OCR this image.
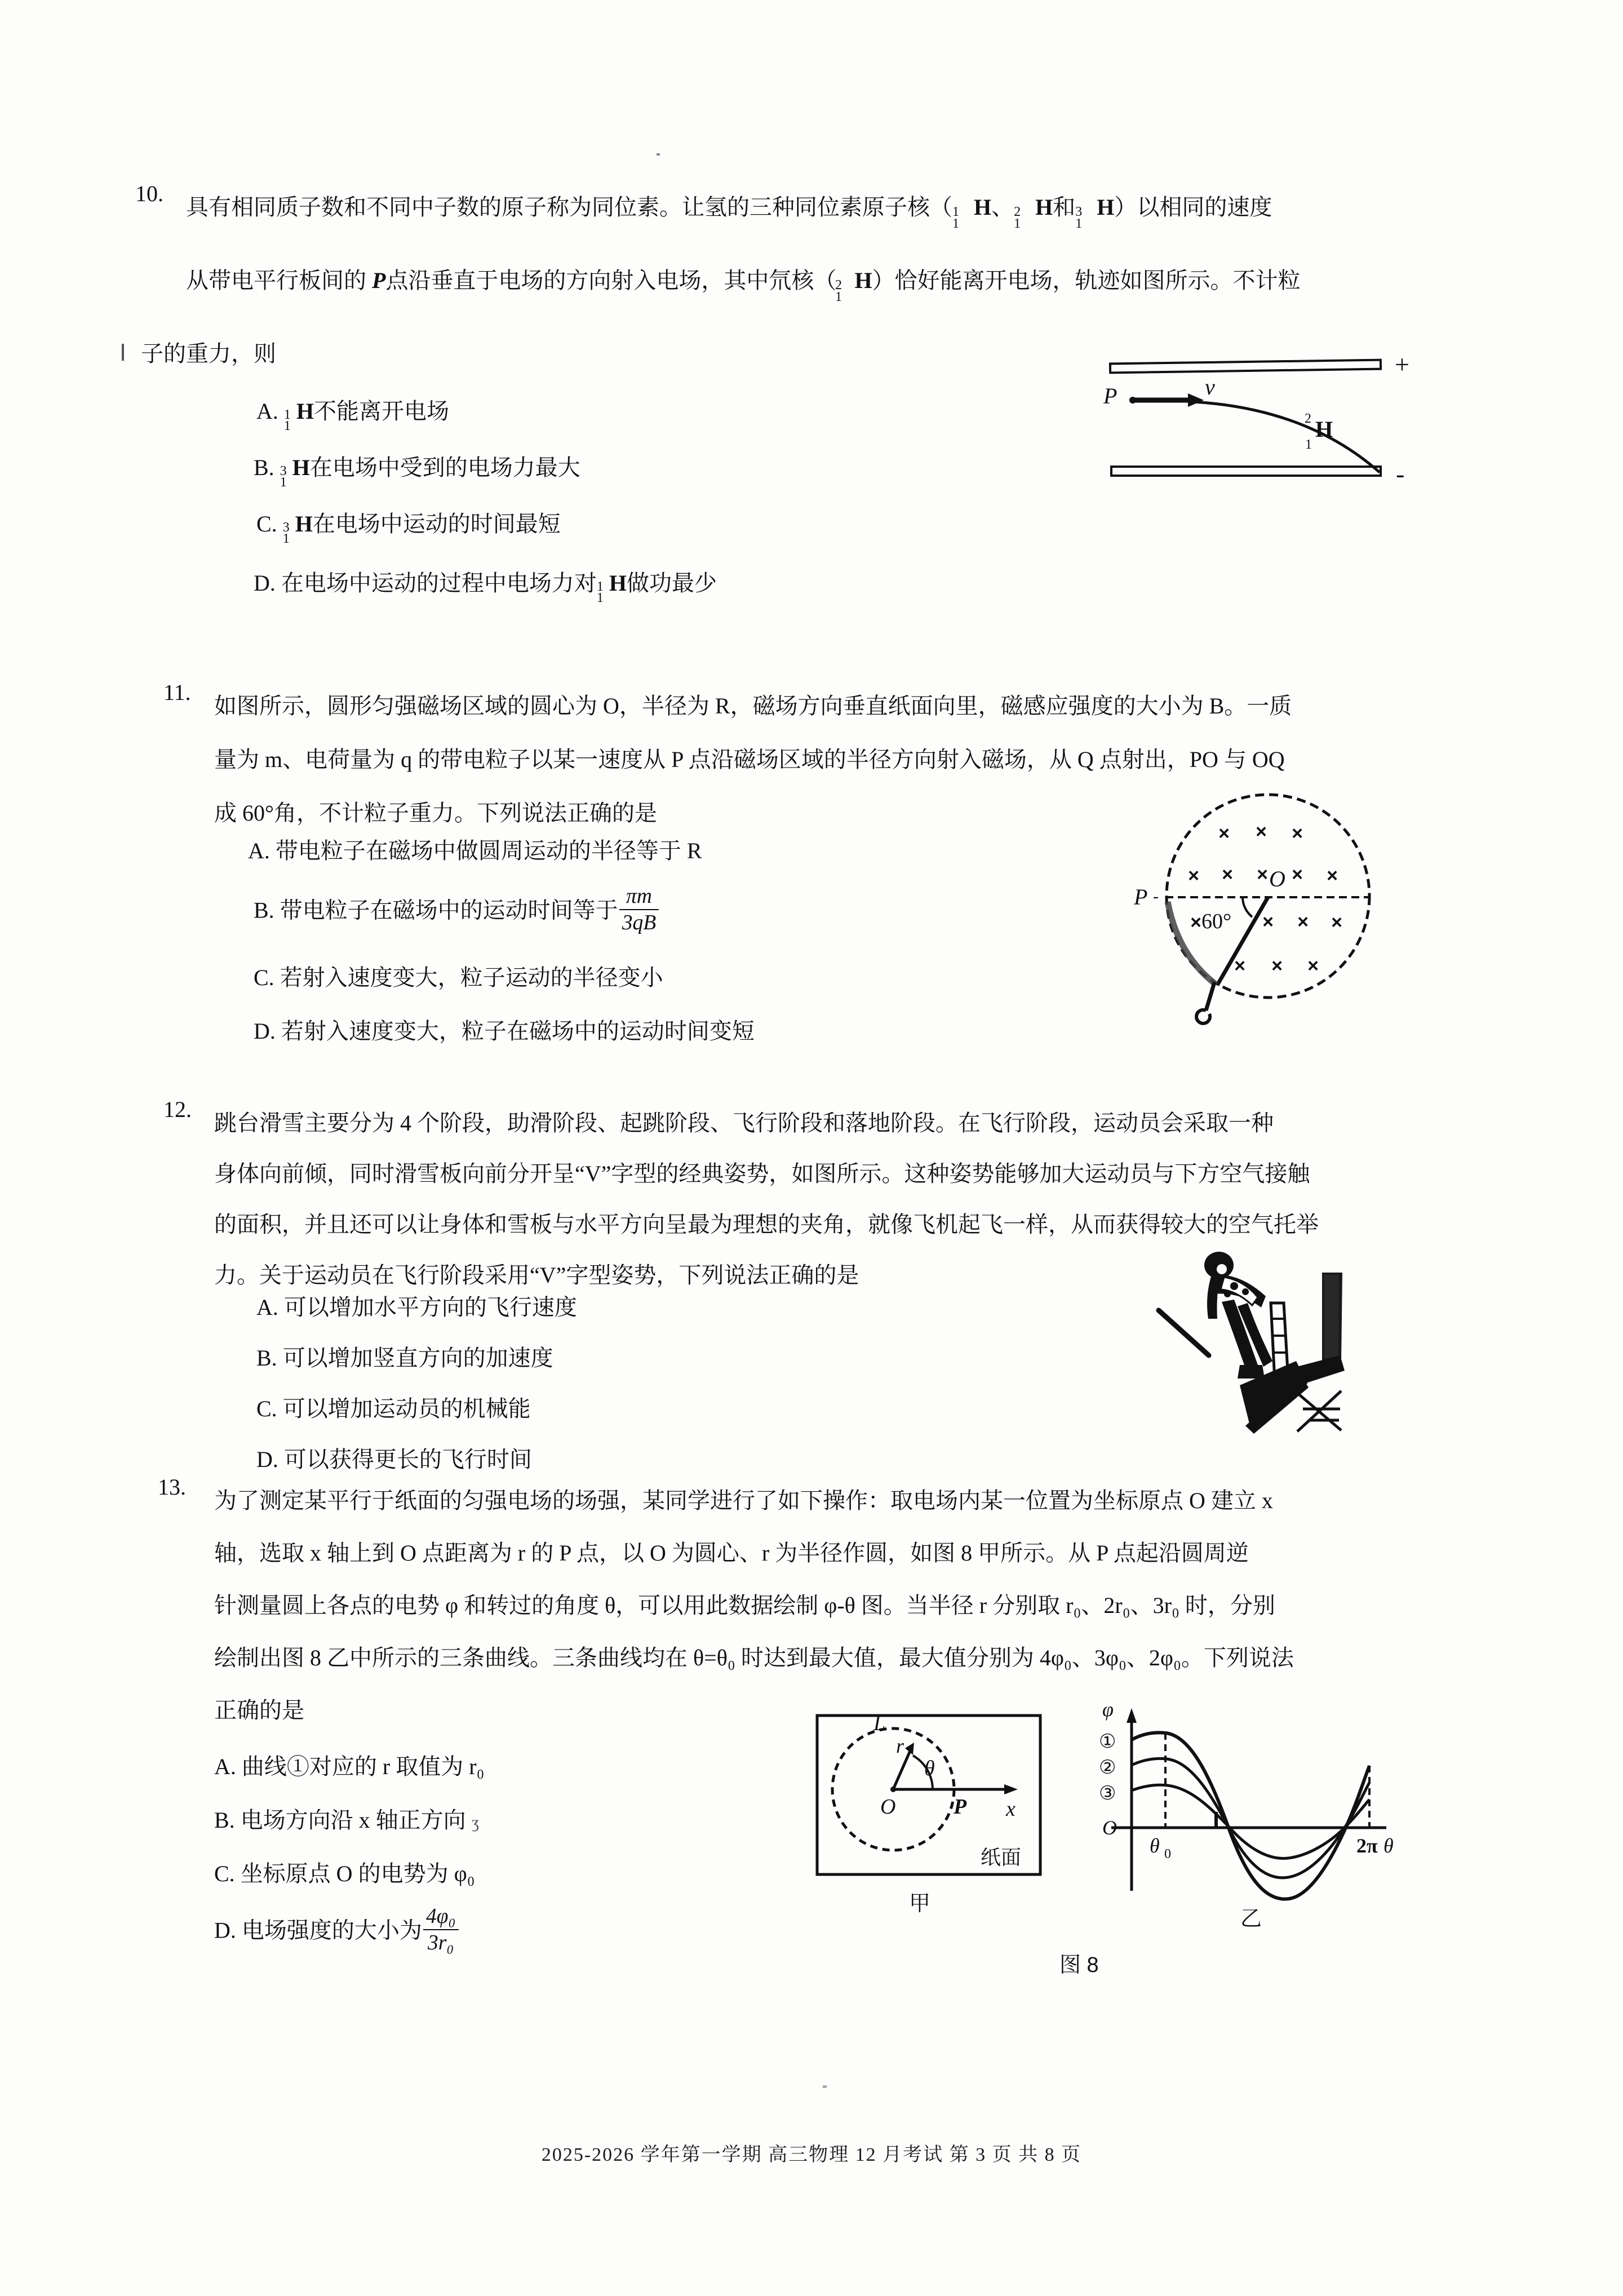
10.
具有相同质子数和不同中子数的原子称为同位素。让氢的三种同位素原子核（ 1
1
H、 2
1
H和 3
1
H）以相同的速度
从带电平行板间的 P点沿垂直于电场的方向射入电场，其中氘核（
2
1
H）恰好能离开电场，轨迹如图所示。不计粒
子的重力，则
A. 1
1
H不能离开电场
B. 3
1
H在电场中受到的电场力最大
C. 3
1
H在电场中运动的时间最短
D. 在电场中运动的过程中电场力对 1
1
H做功最少
+
-
P	v
2
1
H
11.
如图所示，圆形匀强磁场区域的圆心为 O，半径为 R，磁场方向垂直纸面向里，磁感应强度的大小为 B。一质
量为 m、电荷量为 q 的带电粒子以某一速度从 P 点沿磁场区域的半径方向射入磁场，从 Q 点射出，PO 与 OQ
成 60°角，不计粒子重力。下列说法正确的是
A. 带电粒子在磁场中做圆周运动的半径等于 R
B. 带电粒子在磁场中的运动时间等于 $\frac{\pi m}{3qB}$
C. 若射入速度变大，粒子运动的半径变小
D. 若射入速度变大，粒子在磁场中的运动时间变短
P -
O
60°
× × ×
× × × × ×
×	× × ×
× × ×
12.
跳台滑雪主要分为 4 个阶段，助滑阶段、起跳阶段、飞行阶段和落地阶段。在飞行阶段，运动员会采取一种
身体向前倾，同时滑雪板向前分开呈“V”字型的经典姿势，如图所示。这种姿势能够加大运动员与下方空气接触
的面积，并且还可以让身体和雪板与水平方向呈最为理想的夹角，就像飞机起飞一样，从而获得较大的空气托举
力。关于运动员在飞行阶段采用“V”字型姿势，下列说法正确的是
A. 可以增加水平方向的飞行速度
B. 可以增加竖直方向的加速度
C. 可以增加运动员的机械能
D. 可以获得更长的飞行时间
13.
为了测定某平行于纸面的匀强电场的场强，某同学进行了如下操作：取电场内某一位置为坐标原点 O 建立 x
轴，选取 x 轴上到 O 点距离为 r 的 P 点，以 O 为圆心、r 为半径作圆，如图 8 甲所示。从 P 点起沿圆周逆
针测量圆上各点的电势 φ 和转过的角度 θ，可以用此数据绘制 φ-θ 图。当半径 r 分别取 r₀、2r₀、3r₀ 时，分别
绘制出图 8 乙中所示的三条曲线。三条曲线均在 θ=θ₀ 时达到最大值，最大值分别为 4φ₀、3φ₀、2φ₀。下列说法
正确的是
A. 曲线①对应的 r 取值为 r₀
B. 电场方向沿 x 轴正方向 ʒ
C. 坐标原点 O 的电势为 φ₀
D. 电场强度的大小为 $\frac{\text{4φ₀}}{\text{3r₀}}$
L
r
θ
O	P x
纸面
甲
φ
①
②
③
O
θ 0	2π θ
乙
图 8
2025-2026 学年第一学期 高三物理 12 月考试 第 3 页 共 8 页
